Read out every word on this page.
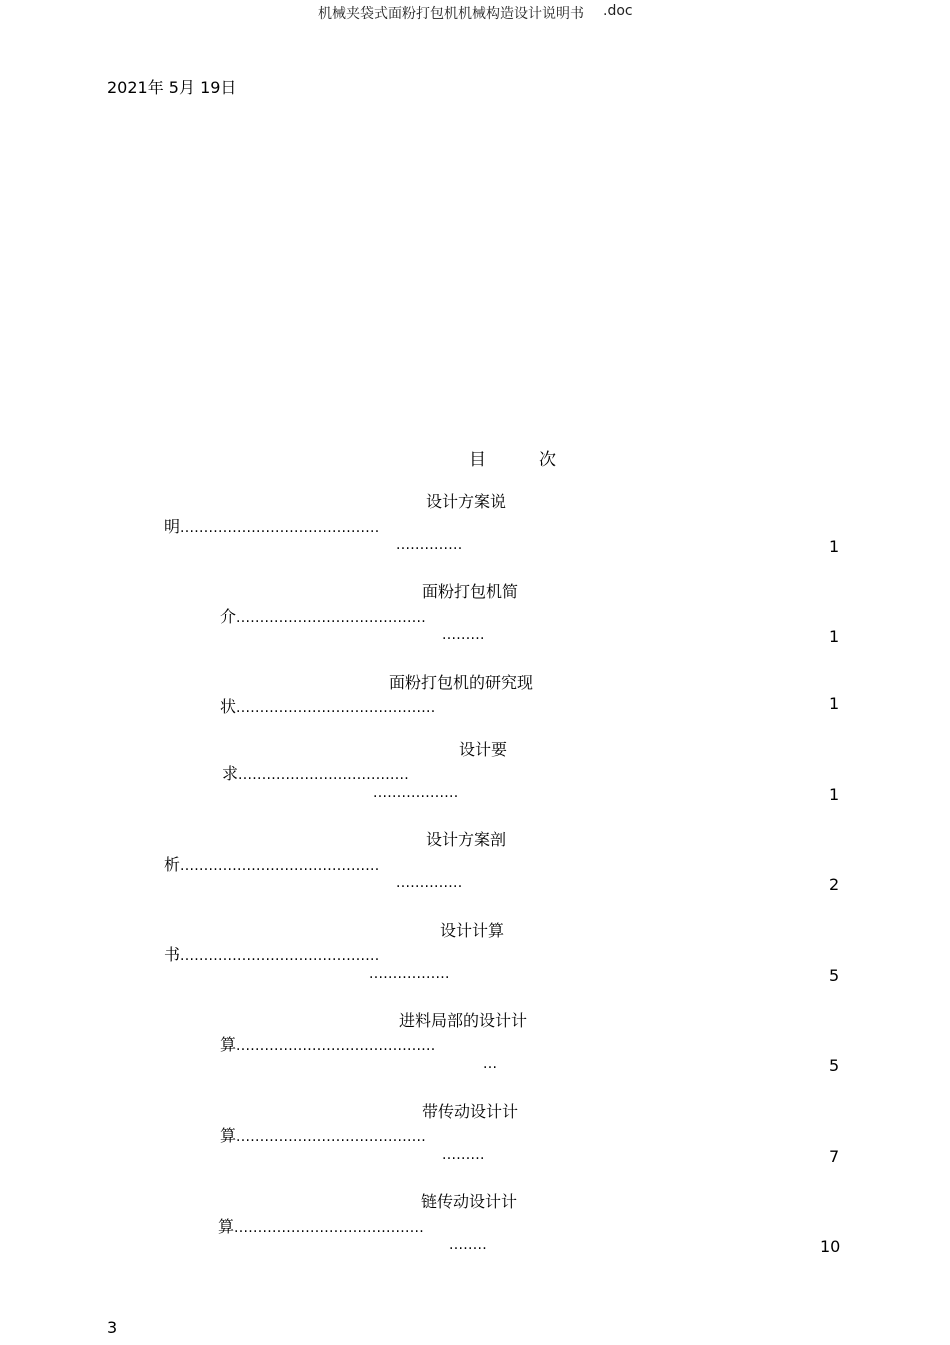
机械夹袋式面粉打包机机械构造设计说明书 .doc
2021年 5月 19日
目	次
设计方案说
明..........................................
..............	1
面粉打包机简
介........................................
.........	1
面粉打包机的研究现
状..........................................	1
设计要
求....................................
..................	1
设计方案剖
析..........................................
..............	2
设计计算
书..........................................
.................	5
进料局部的设计计
算..........................................
...	5
带传动设计计
算........................................
.........	7
链传动设计计
算........................................
........	10
3
